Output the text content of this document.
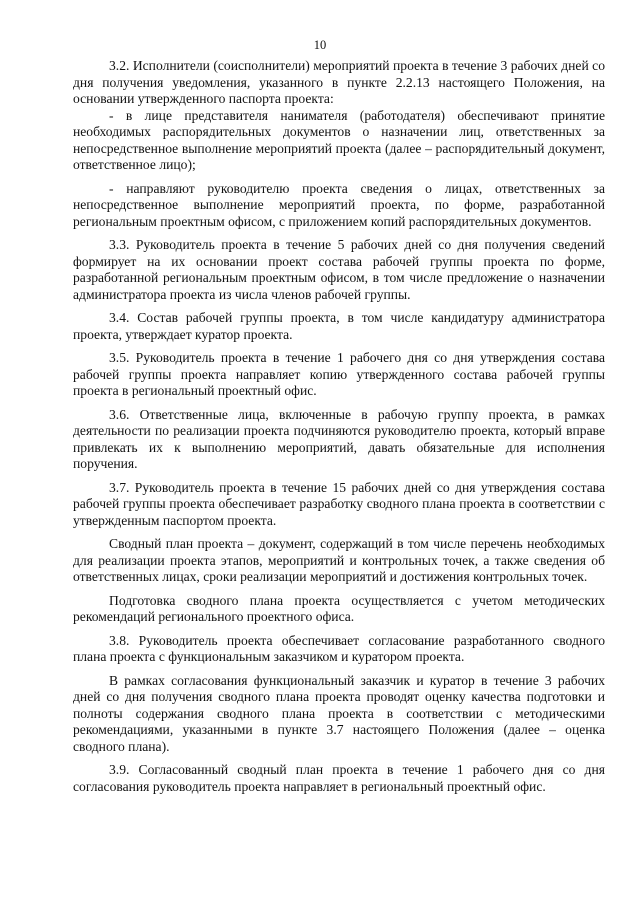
10

3.2. Исполнители (соисполнители) мероприятий проекта в течение 3 рабочих дней со дня получения уведомления, указанного в пункте 2.2.13 настоящего Положения, на основании утвержденного паспорта проекта:

- в лице представителя нанимателя (работодателя) обеспечивают принятие необходимых распорядительных документов о назначении лиц, ответственных за непосредственное выполнение мероприятий проекта (далее – распорядительный документ, ответственное лицо);

- направляют руководителю проекта сведения о лицах, ответственных за непосредственное выполнение мероприятий проекта, по форме, разработанной региональным проектным офисом, с приложением копий распорядительных документов.

3.3. Руководитель проекта в течение 5 рабочих дней со дня получения сведений формирует на их основании проект состава рабочей группы проекта по форме, разработанной региональным проектным офисом, в том числе предложение о назначении администратора проекта из числа членов рабочей группы.

3.4. Состав рабочей группы проекта, в том числе кандидатуру администратора проекта, утверждает куратор проекта.

3.5. Руководитель проекта в течение 1 рабочего дня со дня утверждения состава рабочей группы проекта направляет копию утвержденного состава рабочей группы проекта в региональный проектный офис.

3.6. Ответственные лица, включенные в рабочую группу проекта, в рамках деятельности по реализации проекта подчиняются руководителю проекта, который вправе привлекать их к выполнению мероприятий, давать обязательные для исполнения поручения.

3.7. Руководитель проекта в течение 15 рабочих дней со дня утверждения состава рабочей группы проекта обеспечивает разработку сводного плана проекта в соответствии с утвержденным паспортом проекта.

Сводный план проекта – документ, содержащий в том числе перечень необходимых для реализации проекта этапов, мероприятий и контрольных точек, а также сведения об ответственных лицах, сроки реализации мероприятий и достижения контрольных точек.

Подготовка сводного плана проекта осуществляется с учетом методических рекомендаций регионального проектного офиса.

3.8. Руководитель проекта обеспечивает согласование разработанного сводного плана проекта с функциональным заказчиком и куратором проекта.

В рамках согласования функциональный заказчик и куратор в течение 3 рабочих дней со дня получения сводного плана проекта проводят оценку качества подготовки и полноты содержания сводного плана проекта в соответствии с методическими рекомендациями, указанными в пункте 3.7 настоящего Положения (далее – оценка сводного плана).

3.9. Согласованный сводный план проекта в течение 1 рабочего дня со дня согласования руководитель проекта направляет в региональный проектный офис.
